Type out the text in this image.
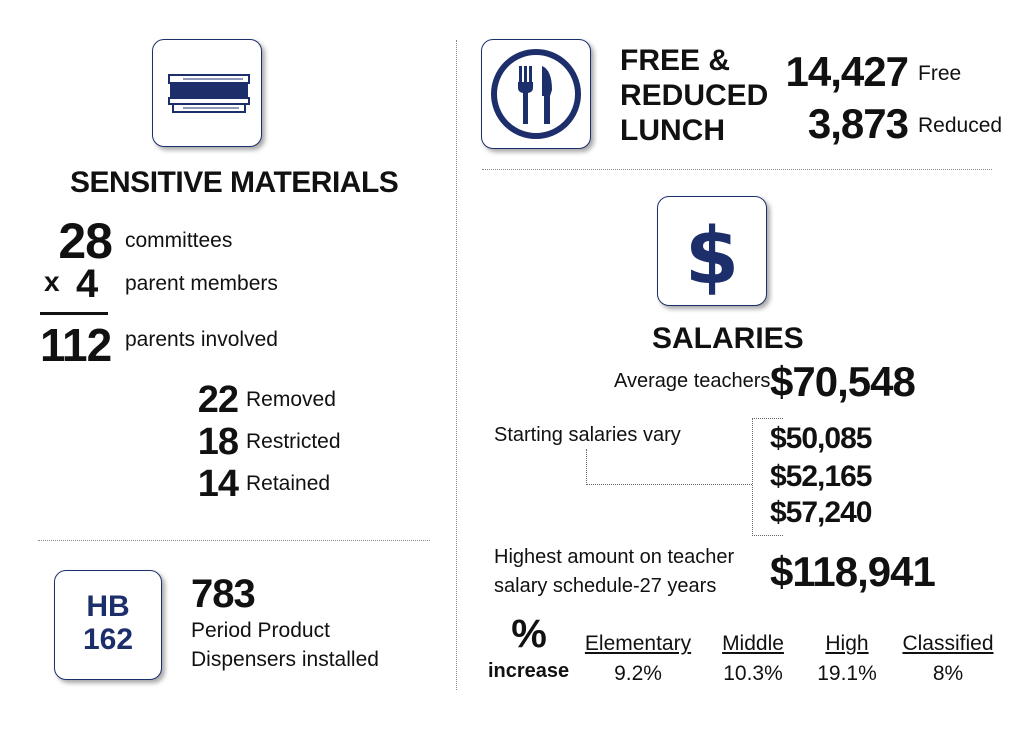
SENSITIVE MATERIALS
28 committees
x 4 parent members
112 parents involved
22 Removed
18 Restricted
14 Retained
HB
162
783
Period Product
Dispensers installed
FREE &
REDUCED
LUNCH
14,427 Free
3,873 Reduced
$
SALARIES
Average teachers $70,548
Starting salaries vary	$50,085
$52,165
$57,240
Highest amount on teacher
salary schedule-27 years $118,941
%
increase
Elementary
9.2%
Middle
10.3%
High
19.1%
Classified
8%
